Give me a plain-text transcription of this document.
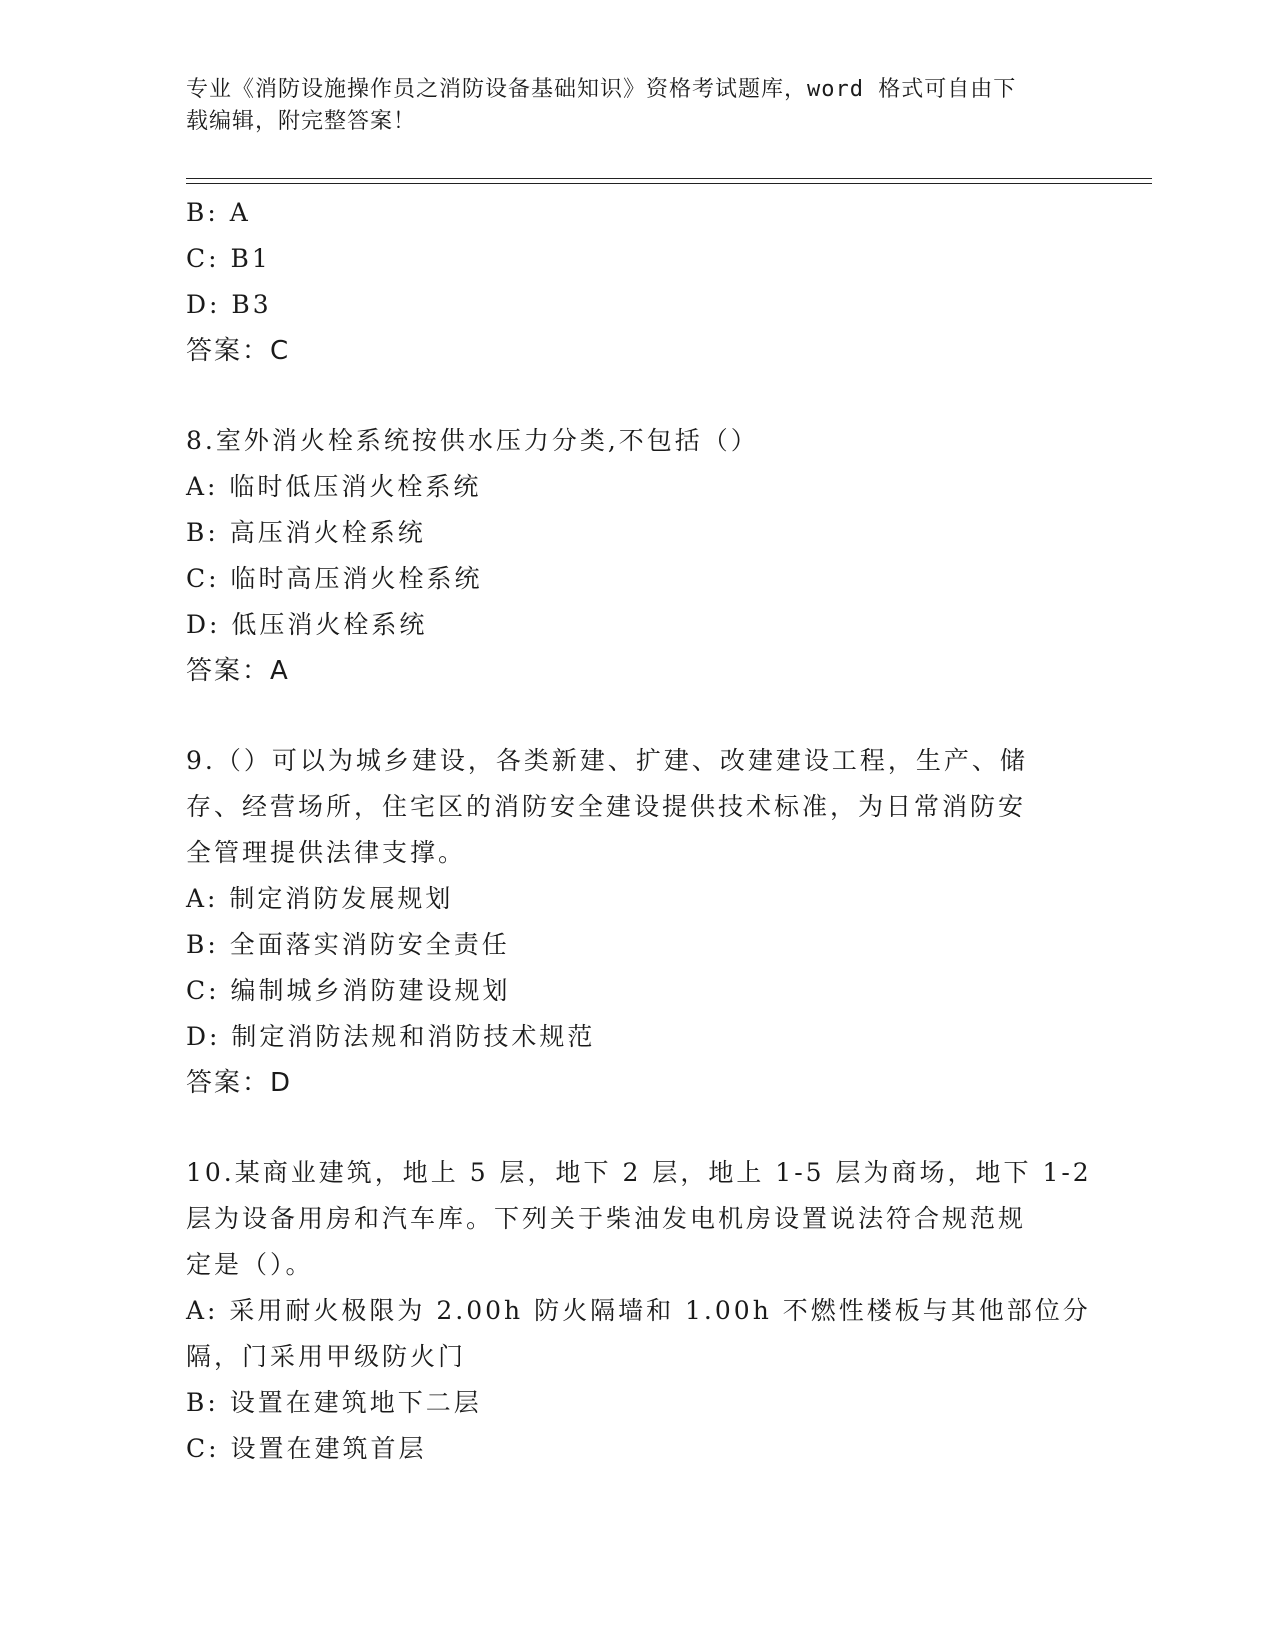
专业《消防设施操作员之消防设备基础知识》资格考试题库，word 格式可自由下
载编辑，附完整答案！
B: A
C: B1
D: B3
答案：C
8.室外消火栓系统按供水压力分类,不包括（）
A: 临时低压消火栓系统
B: 高压消火栓系统
C: 临时高压消火栓系统
D: 低压消火栓系统
答案：A
9.（）可以为城乡建设，各类新建、扩建、改建建设工程，生产、储
存、经营场所，住宅区的消防安全建设提供技术标准，为日常消防安
全管理提供法律支撑。
A: 制定消防发展规划
B: 全面落实消防安全责任
C: 编制城乡消防建设规划
D: 制定消防法规和消防技术规范
答案：D
10.某商业建筑，地上 5 层，地下 2 层，地上 1-5 层为商场，地下 1-2
层为设备用房和汽车库。下列关于柴油发电机房设置说法符合规范规
定是（）。
A: 采用耐火极限为 2.00h 防火隔墙和 1.00h 不燃性楼板与其他部位分
隔，门采用甲级防火门
B: 设置在建筑地下二层
C: 设置在建筑首层
